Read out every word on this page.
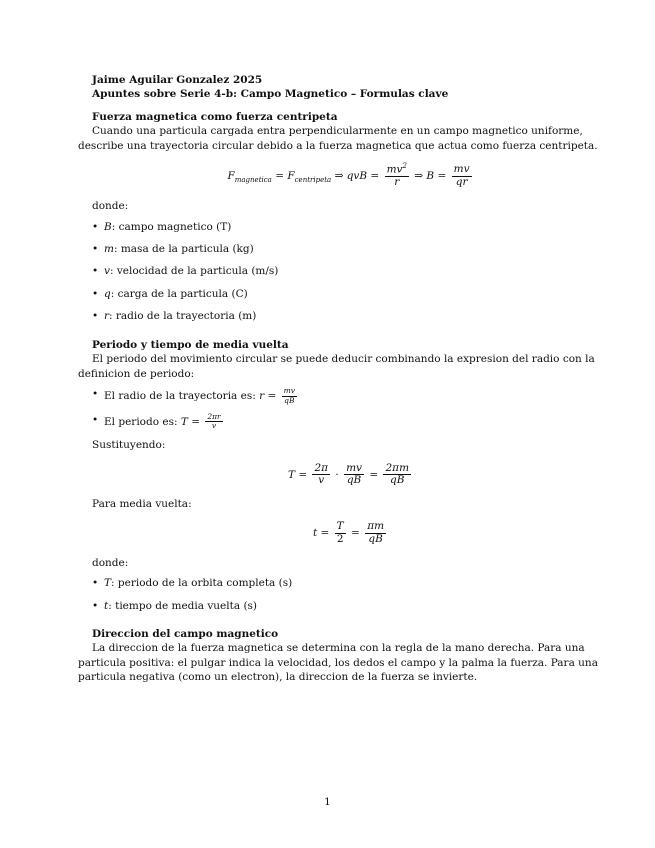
Jaime Aguilar Gonzalez 2025

Apuntes sobre Serie 4-b: Campo Magnetico – Formulas clave

Fuerza magnetica como fuerza centripeta

Cuando una particula cargada entra perpendicularmente en un campo magnetico uniforme, describe una trayectoria circular debido a la fuerza magnetica que actua como fuerza centripeta.

$F_{magnetica} = F_{centripeta}$ ⇒ qvB = $\frac{mv^2}{r}$ ⇒ $B = \frac{mv}{qr}$

donde:

• B: campo magnetico (T)
• m: masa de la particula (kg)
• v: velocidad de la particula (m/s)
• q: carga de la particula (C)
• r: radio de la trayectoria (m)
Periodo y tiempo de media vuelta

El periodo del movimiento circular se puede deducir combinando la expresion del radio con la definicion de periodo:

• El radio de la trayectoria es: $r = \frac{mv}{qB}$
• El periodo es: $T = \frac{2\pi r}{v}$

Sustituyendo:

$T = \frac{2\pi}{v} \cdot \frac{mv}{qB} = \frac{2\pi m}{qB}$

Para media vuelta:

$t = \frac{T}{2} = \frac{\pi m}{qB}$

donde:

• T: periodo de la orbita completa (s)
• t: tiempo de media vuelta (s)
Direccion del campo magnetico

La direccion de la fuerza magnetica se determina con la regla de la mano derecha. Para una particula positiva: el pulgar indica la velocidad, los dedos el campo y la palma la fuerza. Para una particula negativa (como un electron), la direccion de la fuerza se invierte.

1
